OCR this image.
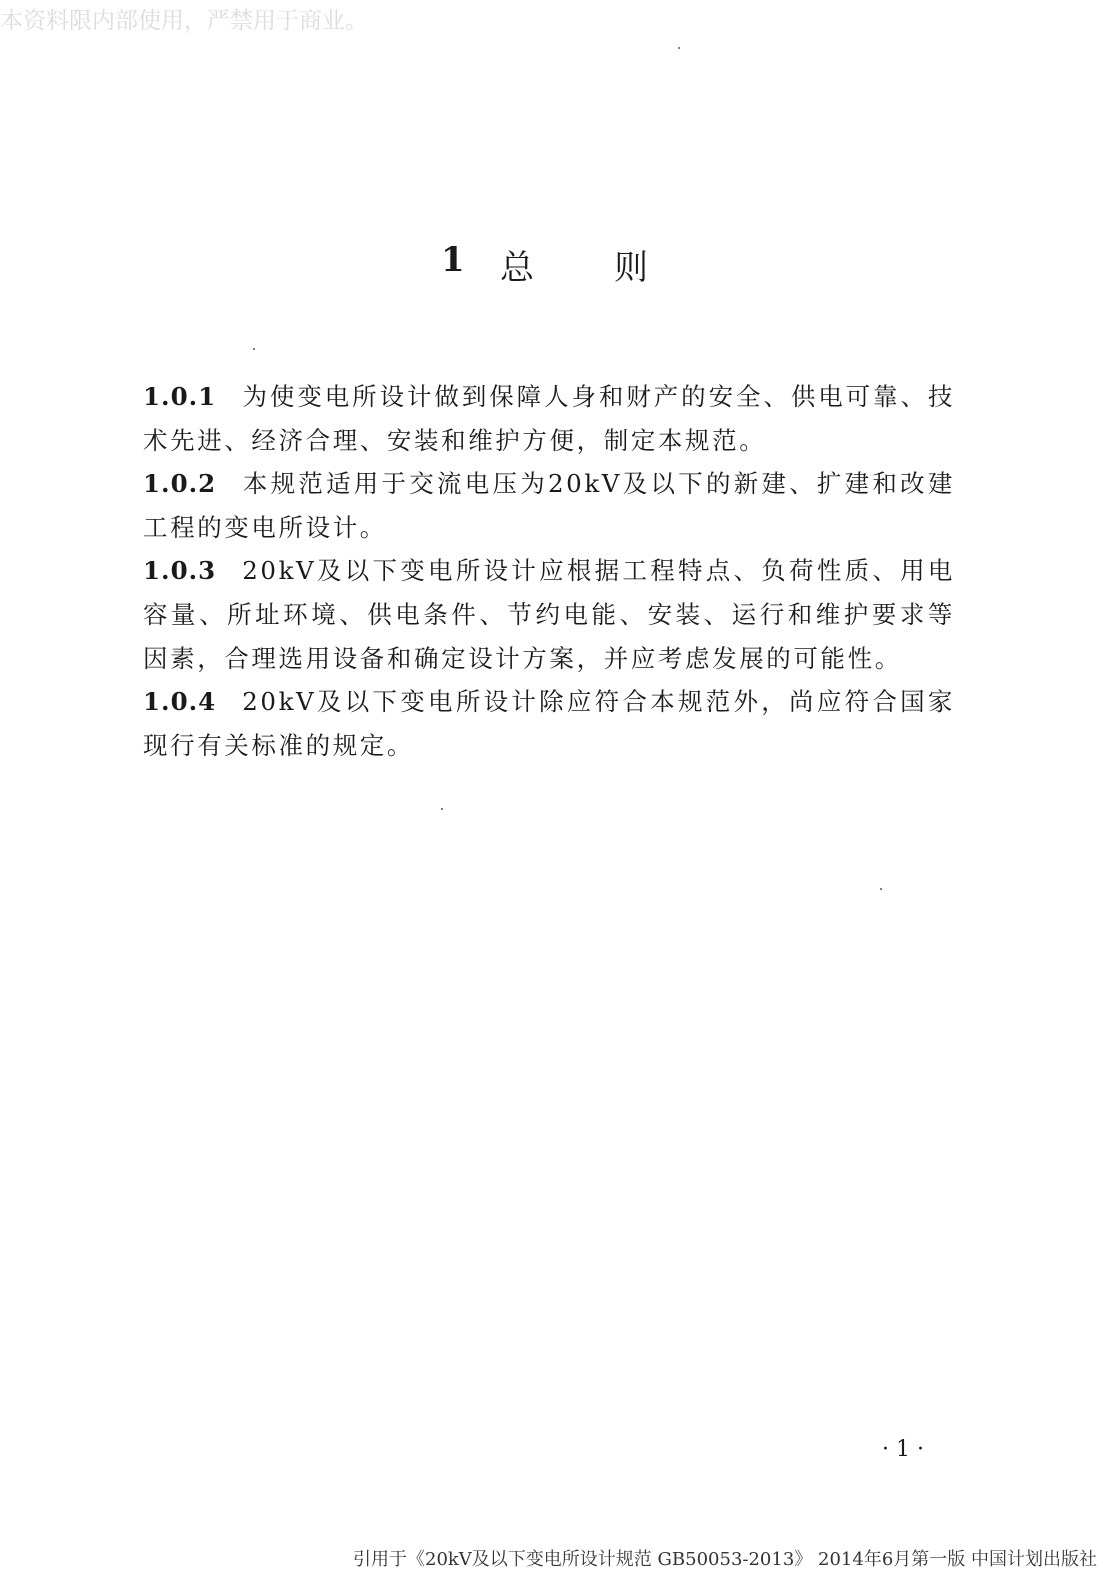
本资料限内部使用，严禁用于商业。
1 总 则

1.0.1 为使变电所设计做到保障人身和财产的安全、供电可靠、技术先进、经济合理、安装和维护方便，制定本规范。

1.0.2 本规范适用于交流电压为20kV及以下的新建、扩建和改建工程的变电所设计。

1.0.3 20kV及以下变电所设计应根据工程特点、负荷性质、用电容量、所址环境、供电条件、节约电能、安装、运行和维护要求等因素，合理选用设备和确定设计方案，并应考虑发展的可能性。

1.0.4 20kV及以下变电所设计除应符合本规范外，尚应符合国家现行有关标准的规定。

· 1 ·
引用于《20kV及以下变电所设计规范 GB50053-2013》 2014年6月第一版 中国计划出版社
